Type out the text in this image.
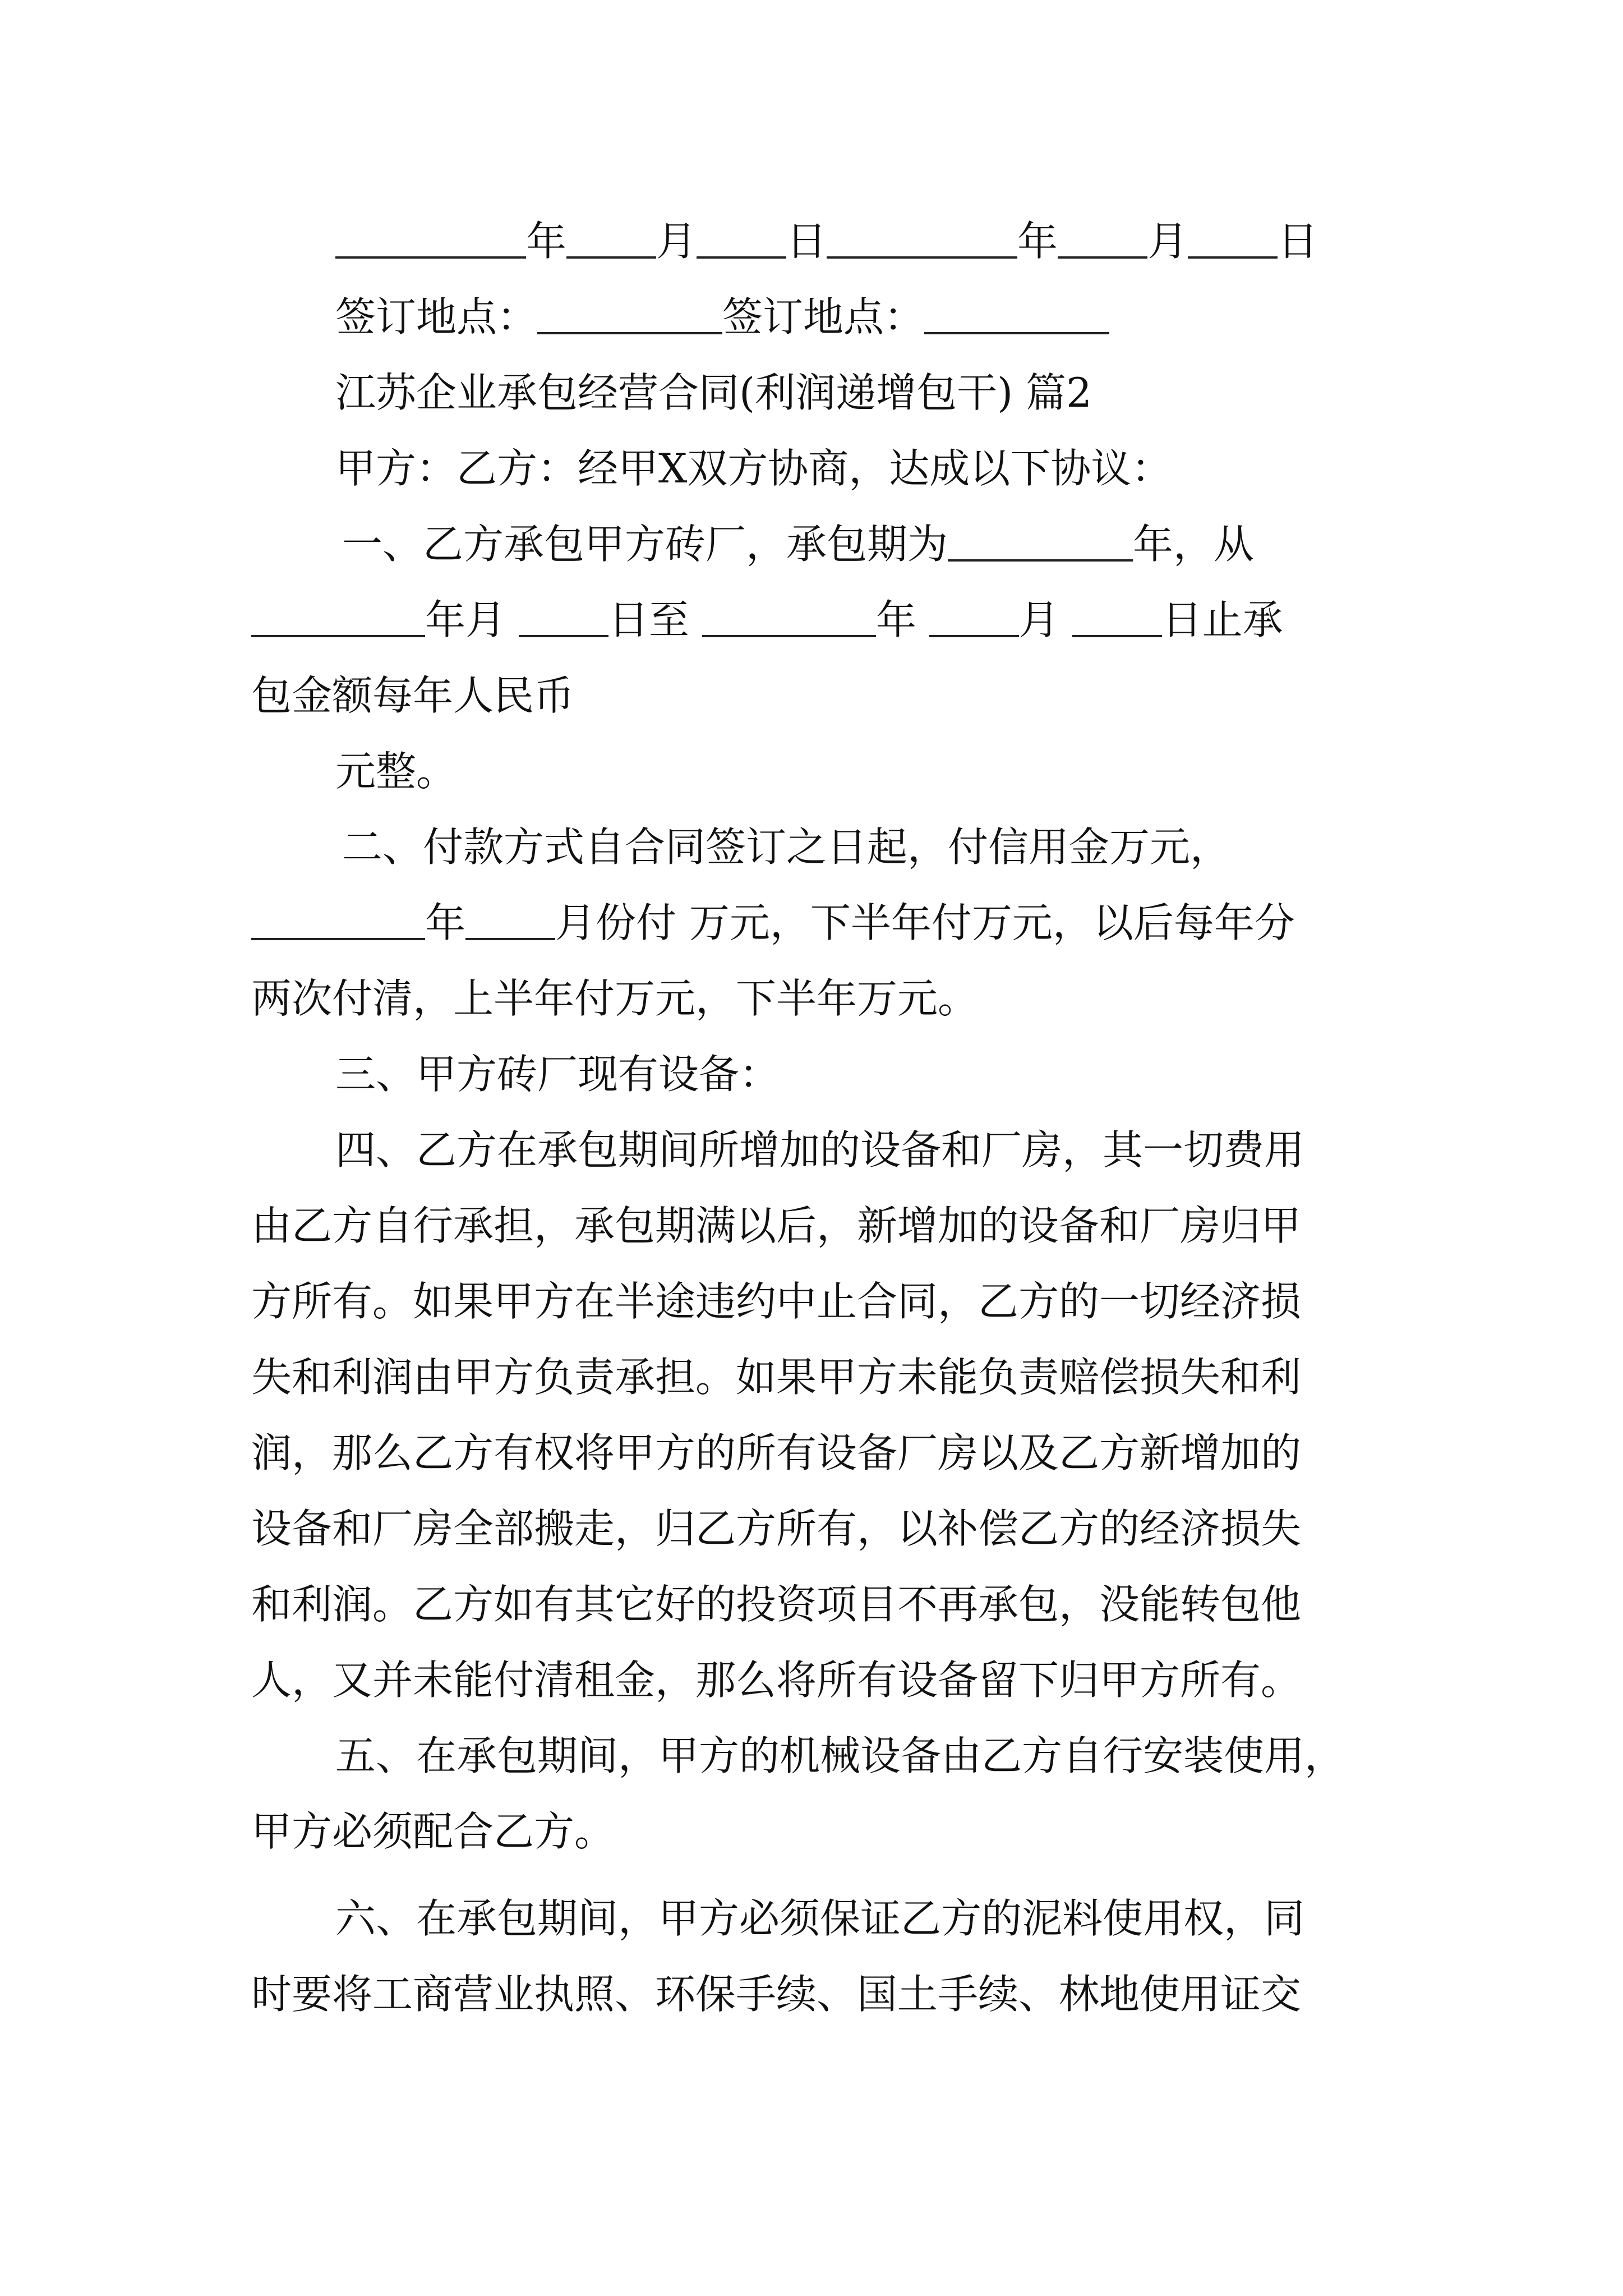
年 月 日	年 月 日
签订地点：	签订地点：
江苏企业承包经营合同(利润递增包干) 篇2
甲方：乙方：经甲X双方协商，达成以下协议：
一、乙方承包甲方砖厂，承包期为	年，从
年月	日至	年	月	日止承
包金额每年人民币
元整。
二、付款方式自合同签订之日起，付信用金万元，
年 月份付 万元，下半年付万元，以后每年分
两次付清，上半年付万元，下半年万元。
三、甲方砖厂现有设备：
四、乙方在承包期间所增加的设备和厂房，其一切费用
由乙方自行承担，承包期满以后，新增加的设备和厂房归甲
方所有。如果甲方在半途违约中止合同，乙方的一切经济损
失和利润由甲方负责承担。如果甲方未能负责赔偿损失和利
润，那么乙方有权将甲方的所有设备厂房以及乙方新增加的
设备和厂房全部搬走，归乙方所有，以补偿乙方的经济损失
和利润。乙方如有其它好的投资项目不再承包，没能转包他
人，又并未能付清租金，那么将所有设备留下归甲方所有。
五、在承包期间，甲方的机械设备由乙方自行安装使用，
甲方必须配合乙方。
六、在承包期间，甲方必须保证乙方的泥料使用权，同
时要将工商营业执照、环保手续、国土手续、林地使用证交
